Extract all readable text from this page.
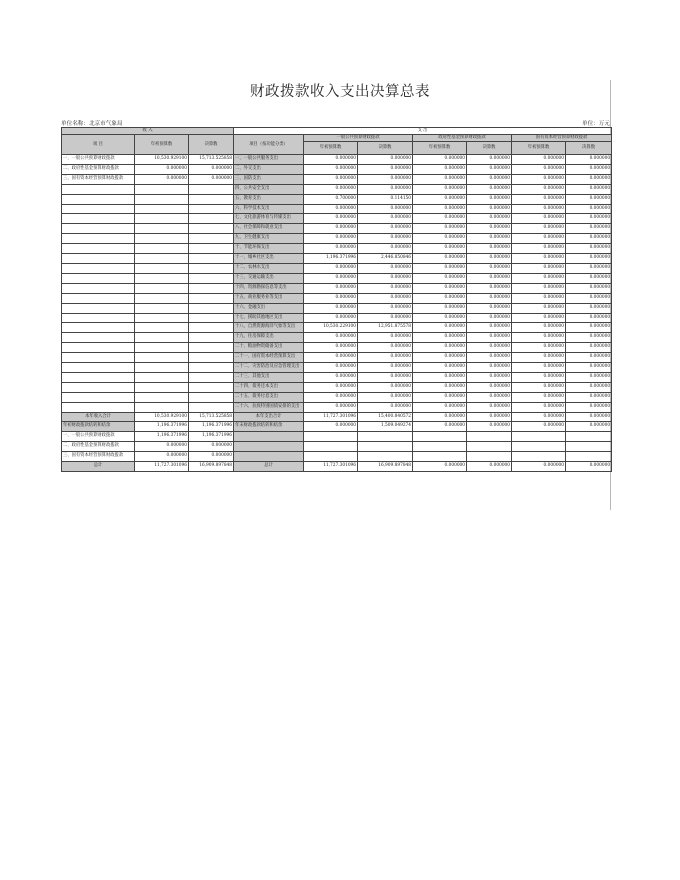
财政拨款收入支出决算总表
单位名称：北京市气象局	单位：万元
收 入			支 出						
项 目	年初预算数	决算数	项目（按功能分类）	一般公共预算财政拨款		政府性基金预算财政拨款		国有资本经营预算财政拨款	
				年初预算数	决算数	年初预算数	决算数	年初预算数	决算数
一、一般公共预算财政拨款	10,530.929100	15,713.525858	一、一般公共服务支出	0.000000	0.000000	0.000000	0.000000	0.000000	0.000000
二、政府性基金预算财政拨款	0.000000	0.000000	二、外交支出	0.000000	0.000000	0.000000	0.000000	0.000000	0.000000
三、国有资本经营预算财政拨款	0.000000	0.000000	三、国防支出	0.000000	0.000000	0.000000	0.000000	0.000000	0.000000
			四、公共安全支出	0.000000	0.000000	0.000000	0.000000	0.000000	0.000000
			五、教育支出	0.700000	0.114150	0.000000	0.000000	0.000000	0.000000
			六、科学技术支出	0.000000	0.000000	0.000000	0.000000	0.000000	0.000000
			七、文化旅游体育与传媒支出	0.000000	0.000000	0.000000	0.000000	0.000000	0.000000
			八、社会保障和就业支出	0.000000	0.000000	0.000000	0.000000	0.000000	0.000000
			九、卫生健康支出	0.000000	0.000000	0.000000	0.000000	0.000000	0.000000
			十、节能环保支出	0.000000	0.000000	0.000000	0.000000	0.000000	0.000000
			十一、城乡社区支出	1,196.371996	2,446.850846	0.000000	0.000000	0.000000	0.000000
			十二、农林水支出	0.000000	0.000000	0.000000	0.000000	0.000000	0.000000
			十三、交通运输支出	0.000000	0.000000	0.000000	0.000000	0.000000	0.000000
			十四、资源勘探信息等支出	0.000000	0.000000	0.000000	0.000000	0.000000	0.000000
			十五、商业服务业等支出	0.000000	0.000000	0.000000	0.000000	0.000000	0.000000
			十六、金融支出	0.000000	0.000000	0.000000	0.000000	0.000000	0.000000
			十七、援助其他地区支出	0.000000	0.000000	0.000000	0.000000	0.000000	0.000000
			十八、自然资源海洋气象等支出	10,530.229100	12,951.875578	0.000000	0.000000	0.000000	0.000000
			十九、住房保障支出	0.000000	0.000000	0.000000	0.000000	0.000000	0.000000
			二十、粮油物资储备支出	0.000000	0.000000	0.000000	0.000000	0.000000	0.000000
			二十一、国有资本经营预算支出	0.000000	0.000000	0.000000	0.000000	0.000000	0.000000
			二十二、灾害防治及应急管理支出	0.000000	0.000000	0.000000	0.000000	0.000000	0.000000
			二十三、其他支出	0.000000	0.000000	0.000000	0.000000	0.000000	0.000000
			二十四、债务还本支出	0.000000	0.000000	0.000000	0.000000	0.000000	0.000000
			二十五、债务付息支出	0.000000	0.000000	0.000000	0.000000	0.000000	0.000000
			二十六、抗疫特别国债安排的支出	0.000000	0.000000	0.000000	0.000000	0.000000	0.000000
本年收入合计	10,530.929100	15,713.525858	本年支出合计	11,727.301096	15,400.840572	0.000000	0.000000	0.000000	0.000000
年初财政拨款结转和结余	1,196.371996	1,196.371996	年末财政拨款结转和结余	0.000000	1,509.049274	0.000000	0.000000	0.000000	0.000000
一、一般公共预算财政拨款	1,196.371996	1,196.371996							
二、政府性基金预算财政拨款	0.000000	0.000000							
三、国有资本经营预算财政拨款	0.000000	0.000000							
总计	11,727.301096	16,909.897848	总计	11,727.301096	16,909.897848	0.000000	0.000000	0.000000	0.000000
